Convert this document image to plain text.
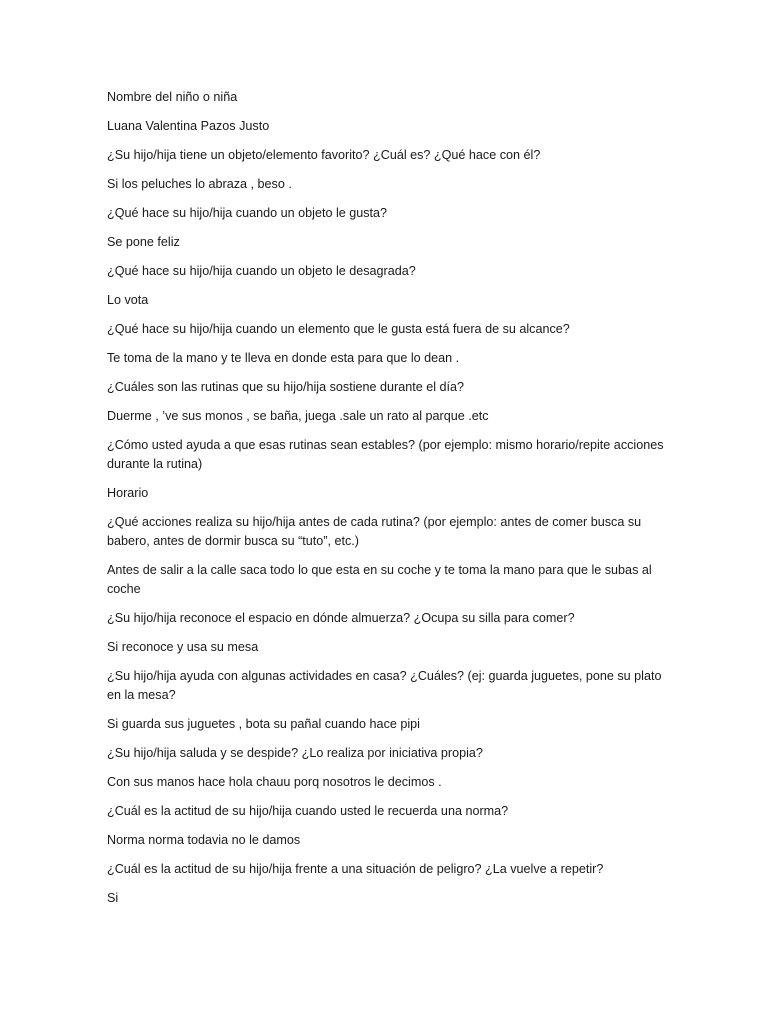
Nombre del niño o niña

Luana Valentina Pazos Justo

¿Su hijo/hija tiene un objeto/elemento favorito? ¿Cuál es? ¿Qué hace con él?

Si los peluches lo abraza , beso .

¿Qué hace su hijo/hija cuando un objeto le gusta?

Se pone feliz

¿Qué hace su hijo/hija cuando un objeto le desagrada?

Lo vota

¿Qué hace su hijo/hija cuando un elemento que le gusta está fuera de su alcance?

Te toma de la mano y te lleva en donde esta para que lo dean .

¿Cuáles son las rutinas que su hijo/hija sostiene durante el día?

Duerme , ’ve sus monos , se baña, juega .sale un rato al parque .etc

¿Cómo usted ayuda a que esas rutinas sean estables? (por ejemplo: mismo horario/repite acciones durante la rutina)

Horario

¿Qué acciones realiza su hijo/hija antes de cada rutina? (por ejemplo: antes de comer busca su babero, antes de dormir busca su “tuto”, etc.)

Antes de salir a la calle saca todo lo que esta en su coche y te toma la mano para que le subas al coche

¿Su hijo/hija reconoce el espacio en dónde almuerza? ¿Ocupa su silla para comer?

Si reconoce y usa su mesa

¿Su hijo/hija ayuda con algunas actividades en casa? ¿Cuáles? (ej: guarda juguetes, pone su plato en la mesa?

Si guarda sus juguetes , bota su pañal cuando hace pipi

¿Su hijo/hija saluda y se despide? ¿Lo realiza por iniciativa propia?

Con sus manos hace hola chauu porq nosotros le decimos .

¿Cuál es la actitud de su hijo/hija cuando usted le recuerda una norma?

Norma norma todavia no le damos

¿Cuál es la actitud de su hijo/hija frente a una situación de peligro? ¿La vuelve a repetir?

Si
